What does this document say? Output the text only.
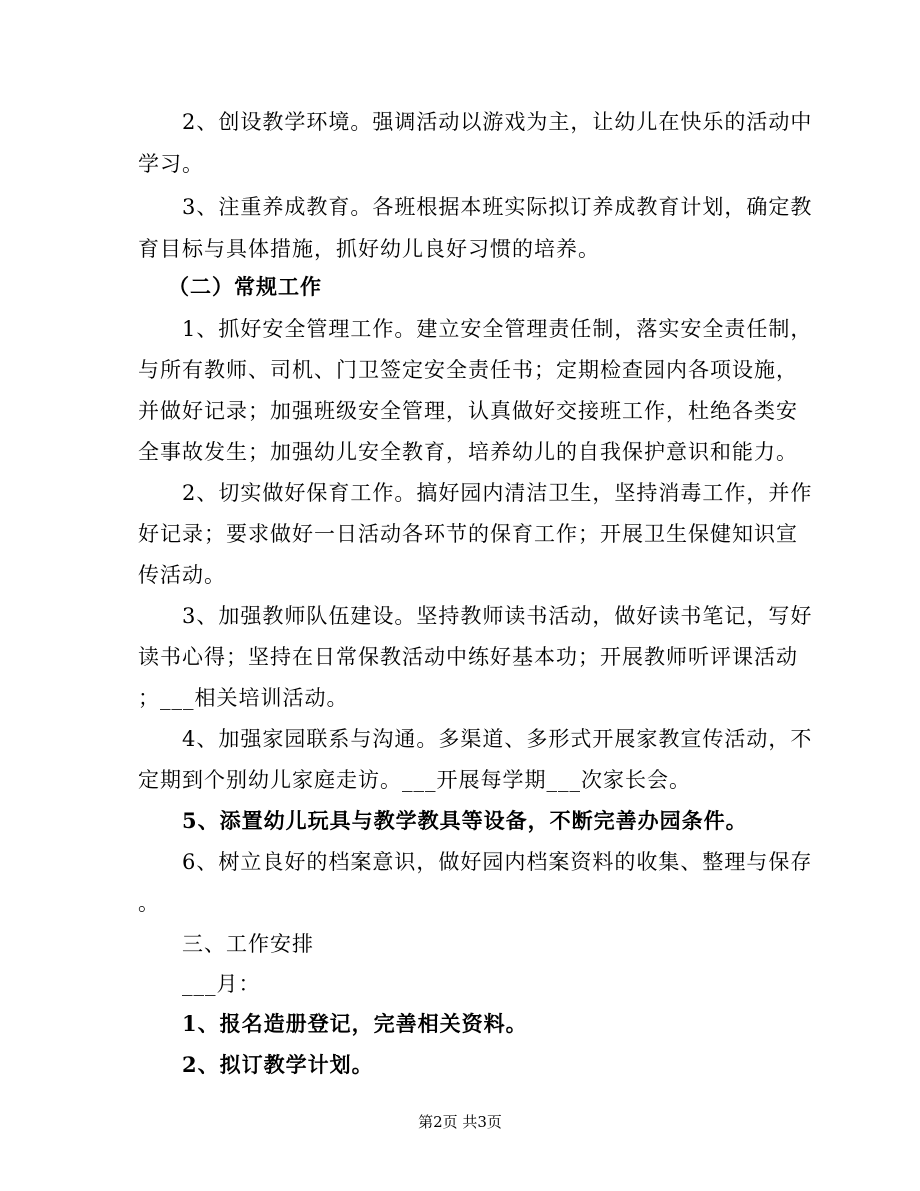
2、创设教学环境。强调活动以游戏为主，让幼儿在快乐的活动中
学习。
3、注重养成教育。各班根据本班实际拟订养成教育计划，确定教
育目标与具体措施，抓好幼儿良好习惯的培养。
（二）常规工作
1、抓好安全管理工作。建立安全管理责任制，落实安全责任制，
与所有教师、司机、门卫签定安全责任书；定期检查园内各项设施，
并做好记录；加强班级安全管理，认真做好交接班工作，杜绝各类安
全事故发生；加强幼儿安全教育，培养幼儿的自我保护意识和能力。
2、切实做好保育工作。搞好园内清洁卫生，坚持消毒工作，并作
好记录；要求做好一日活动各环节的保育工作；开展卫生保健知识宣
传活动。
3、加强教师队伍建设。坚持教师读书活动，做好读书笔记，写好
读书心得；坚持在日常保教活动中练好基本功；开展教师听评课活动
；___相关培训活动。
4、加强家园联系与沟通。多渠道、多形式开展家教宣传活动，不
定期到个别幼儿家庭走访。___开展每学期___次家长会。
5、添置幼儿玩具与教学教具等设备，不断完善办园条件。
6、树立良好的档案意识，做好园内档案资料的收集、整理与保存
。
三、工作安排
___月：
1、报名造册登记，完善相关资料。
2、拟订教学计划。
第2页 共3页
